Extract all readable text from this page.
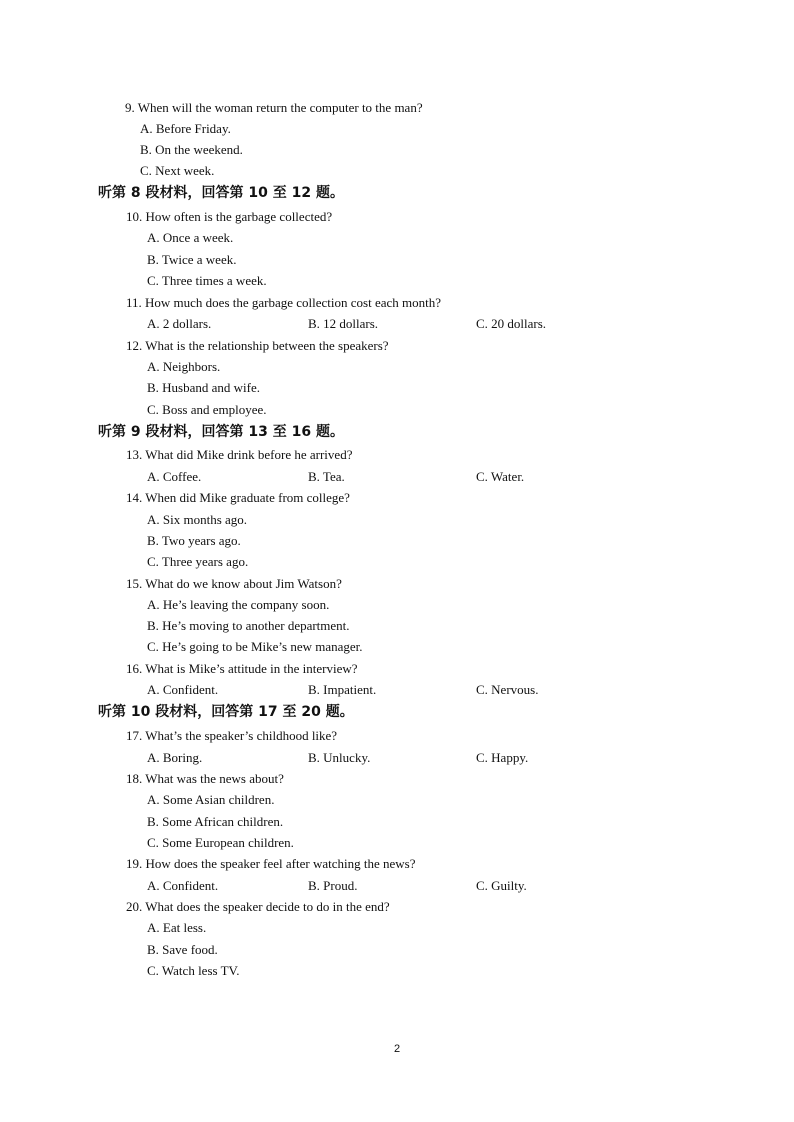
9. When will the woman return the computer to the man?
A. Before Friday.
B. On the weekend.
C. Next week.
听第 8 段材料，回答第 10 至 12 题。
10. How often is the garbage collected?
A. Once a week.
B. Twice a week.
C. Three times a week.
11. How much does the garbage collection cost each month?
A. 2 dollars.	B. 12 dollars.	C. 20 dollars.
12. What is the relationship between the speakers?
A. Neighbors.
B. Husband and wife.
C. Boss and employee.
听第 9 段材料，回答第 13 至 16 题。
13. What did Mike drink before he arrived?
A. Coffee.	B. Tea.	C. Water.
14. When did Mike graduate from college?
A. Six months ago.
B. Two years ago.
C. Three years ago.
15. What do we know about Jim Watson?
A. He’s leaving the company soon.
B. He’s moving to another department.
C. He’s going to be Mike’s new manager.
16. What is Mike’s attitude in the interview?
A. Confident.	B. Impatient.	C. Nervous.
听第 10 段材料，回答第 17 至 20 题。
17. What’s the speaker’s childhood like?
A. Boring.	B. Unlucky.	C. Happy.
18. What was the news about?
A. Some Asian children.
B. Some African children.
C. Some European children.
19. How does the speaker feel after watching the news?
A. Confident.	B. Proud.	C. Guilty.
20. What does the speaker decide to do in the end?
A. Eat less.
B. Save food.
C. Watch less TV.
2
